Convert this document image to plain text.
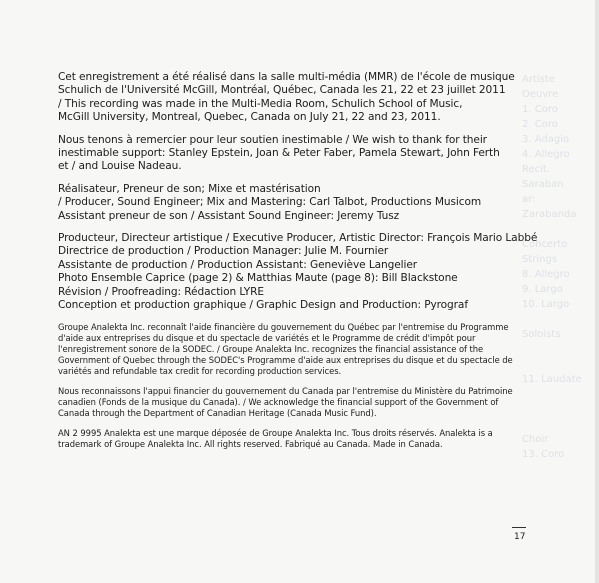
Artiste
Oeuvre
1. Coro
2. Coro
3. Adagio
4. Allegro
Recit.
Saraban
ar:
Zarabanda

Concerto
Strings
8. Allegro
9. Largo
10. Largo

Soloists

11. Laudate

Choir
13. Coro

Cet enregistrement a été réalisé dans la salle multi-média (MMR) de l'école de musique
Schulich de l'Université McGill, Montréal, Québec, Canada les 21, 22 et 23 juillet 2011
/ This recording was made in the Multi-Media Room, Schulich School of Music,
McGill University, Montreal, Quebec, Canada on July 21, 22 and 23, 2011.

Nous tenons à remercier pour leur soutien inestimable / We wish to thank for their
inestimable support: Stanley Epstein, Joan & Peter Faber, Pamela Stewart, John Ferth
et / and Louise Nadeau.

Réalisateur, Preneur de son; Mixe et mastérisation
/ Producer, Sound Engineer; Mix and Mastering: Carl Talbot, Productions Musicom
Assistant preneur de son / Assistant Sound Engineer: Jeremy Tusz

Producteur, Directeur artistique / Executive Producer, Artistic Director: François Mario Labbé
Directrice de production / Production Manager: Julie M. Fournier
Assistante de production / Production Assistant: Geneviève Langelier
Photo Ensemble Caprice (page 2) & Matthias Maute (page 8): Bill Blackstone
Révision / Proofreading: Rédaction LYRE
Conception et production graphique / Graphic Design and Production: Pyrograf

Groupe Analekta Inc. reconnaît l'aide financière du gouvernement du Québec par l'entremise du Programme
d'aide aux entreprises du disque et du spectacle de variétés et le Programme de crédit d'impôt pour
l'enregistrement sonore de la SODEC. / Groupe Analekta Inc. recognizes the financial assistance of the
Government of Quebec through the SODEC's Programme d'aide aux entreprises du disque et du spectacle de
variétés and refundable tax credit for recording production services.

Nous reconnaissons l'appui financier du gouvernement du Canada par l'entremise du Ministère du Patrimoine
canadien (Fonds de la musique du Canada). / We acknowledge the financial support of the Government of
Canada through the Department of Canadian Heritage (Canada Music Fund).

AN 2 9995 Analekta est une marque déposée de Groupe Analekta Inc. Tous droits réservés. Analekta is a
trademark of Groupe Analekta Inc. All rights reserved. Fabriqué au Canada. Made in Canada.

17
